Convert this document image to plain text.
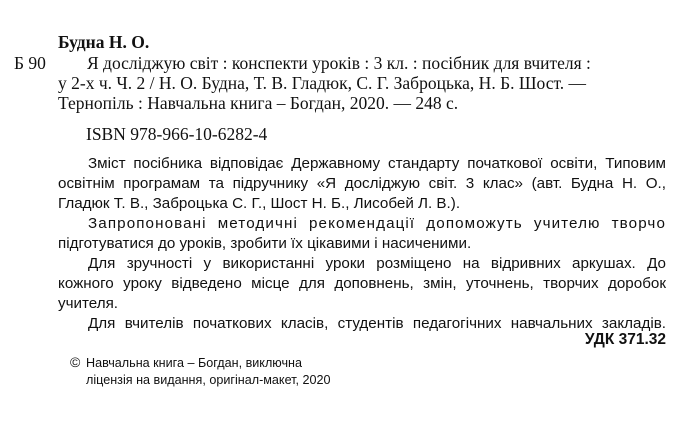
Будна Н. О.
Б 90	Я досліджую світ : конспекти уроків : 3 кл. : посібник для вчителя :
у 2-х ч. Ч. 2 / Н. О. Будна, Т. В. Гладюк, С. Г. Заброцька, Н. Б. Шост. —
Тернопіль : Навчальна книга – Богдан, 2020. — 248 с.
ISBN 978-966-10-6282-4
Зміст посібника відповідає Державному стандарту початкової освіти, Типовим
освітнім програмам та підручнику «Я досліджую світ. 3 клас» (авт. Будна Н. О.,
Гладюк Т. В., Заброцька С. Г., Шост Н. Б., Лисобей Л. В.).
Запропоновані методичні рекомендації допоможуть учителю творчо
підготуватися до уроків, зробити їх цікавими і насиченими.
Для зручності у використанні уроки розміщено на відривних аркушах. До
кожного уроку відведено місце для доповнень, змін, уточнень, творчих доробок
учителя.
Для вчителів початкових класів, студентів педагогічних навчальних закладів.
УДК 371.32
© Навчальна книга – Богдан, виключна
ліцензія на видання, оригінал-макет, 2020
